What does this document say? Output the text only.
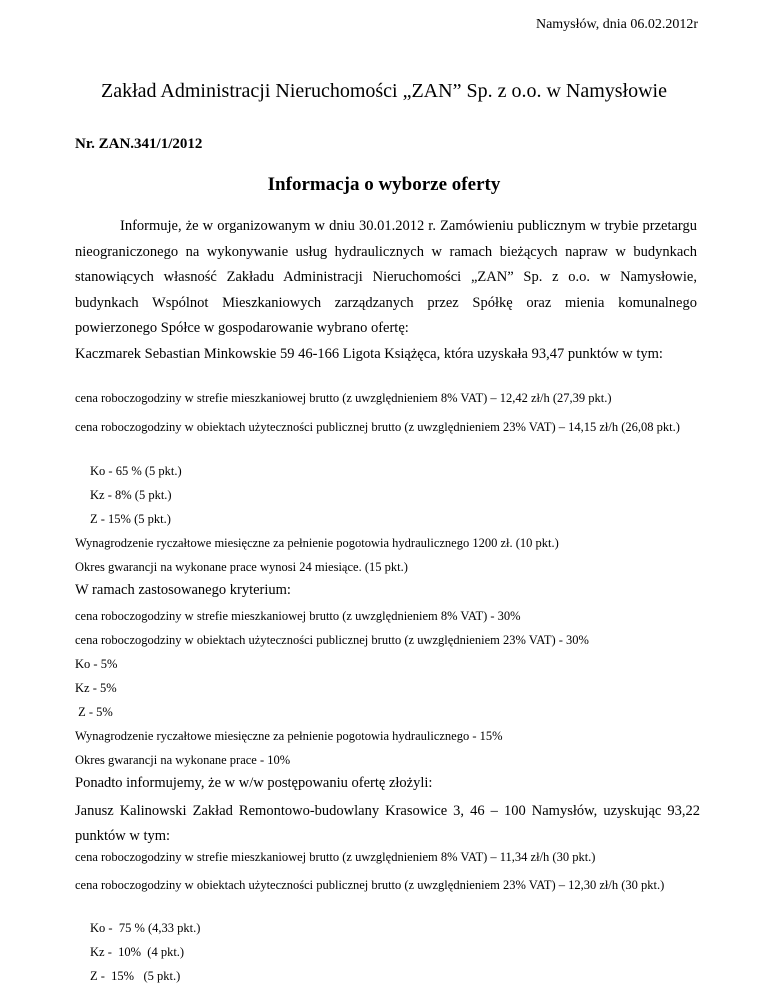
Namysłów, dnia 06.02.2012r
Zakład Administracji Nieruchomości „ZAN” Sp. z o.o. w Namysłowie
Nr. ZAN.341/1/2012
Informacja o wyborze oferty

Informuje, że w organizowanym w dniu 30.01.2012 r. Zamówieniu publicznym w trybie przetargu nieograniczonego na wykonywanie usług hydraulicznych w ramach bieżących napraw w budynkach stanowiących własność Zakładu Administracji Nieruchomości „ZAN” Sp. z o.o. w Namysłowie, budynkach Wspólnot Mieszkaniowych zarządzanych przez Spółkę oraz mienia komunalnego powierzonego Spółce w gospodarowanie wybrano ofertę:

Kaczmarek Sebastian Minkowskie 59 46-166 Ligota Książęca, która uzyskała 93,47 punktów w tym:

cena roboczogodziny w strefie mieszkaniowej brutto (z uwzględnieniem 8% VAT) – 12,42 zł/h (27,39 pkt.)

cena roboczogodziny w obiektach użyteczności publicznej brutto (z uwzględnieniem 23% VAT) – 14,15 zł/h (26,08 pkt.)

Ko - 65 % (5 pkt.)
Kz - 8% (5 pkt.)
Z - 15% (5 pkt.)
Wynagrodzenie ryczałtowe miesięczne za pełnienie pogotowia hydraulicznego 1200 zł. (10 pkt.)
Okres gwarancji na wykonane prace wynosi 24 miesiące. (15 pkt.)
W ramach zastosowanego kryterium:
cena roboczogodziny w strefie mieszkaniowej brutto (z uwzględnieniem 8% VAT) - 30%
cena roboczogodziny w obiektach użyteczności publicznej brutto (z uwzględnieniem 23% VAT) - 30%
Ko - 5%
Kz - 5%
Z - 5%
Wynagrodzenie ryczałtowe miesięczne za pełnienie pogotowia hydraulicznego - 15%
Okres gwarancji na wykonane prace - 10%
Ponadto informujemy, że w w/w postępowaniu ofertę złożyli:

Janusz Kalinowski Zakład Remontowo-budowlany Krasowice 3, 46 – 100 Namysłów, uzyskując 93,22 punktów w tym:

cena roboczogodziny w strefie mieszkaniowej brutto (z uwzględnieniem 8% VAT) – 11,34 zł/h (30 pkt.)

cena roboczogodziny w obiektach użyteczności publicznej brutto (z uwzględnieniem 23% VAT) – 12,30 zł/h (30 pkt.)

Ko -  75 % (4,33 pkt.)
Kz -  10%  (4 pkt.)
Z -  15%   (5 pkt.)
